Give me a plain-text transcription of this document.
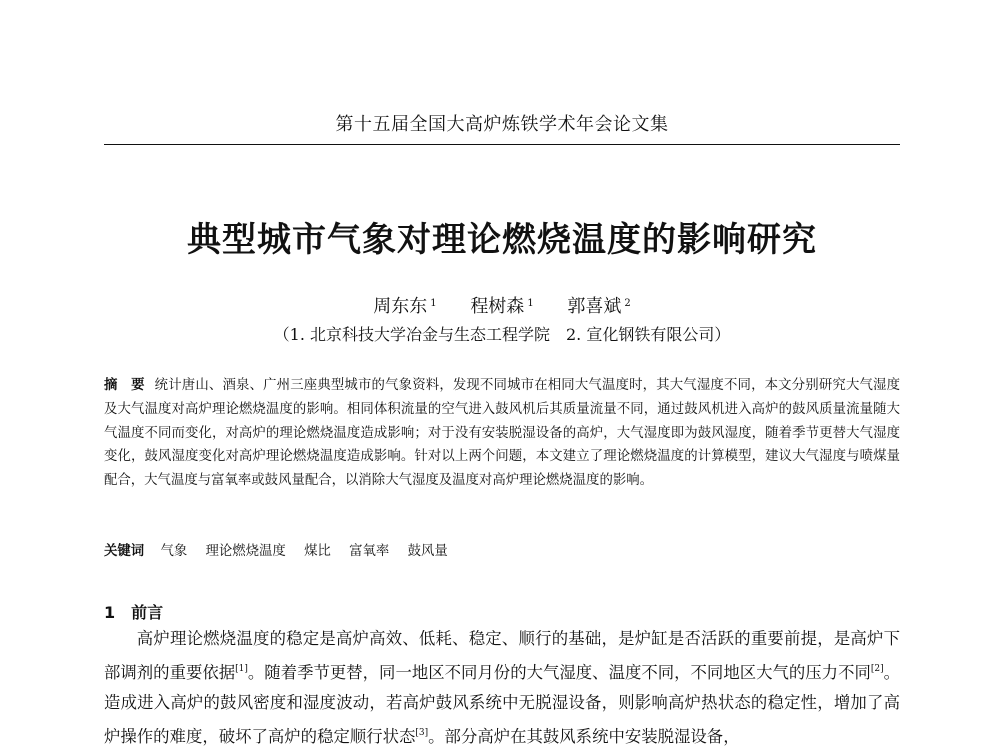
第十五届全国大高炉炼铁学术年会论文集
典型城市气象对理论燃烧温度的影响研究
周东东 $^1$ 程树森 $^1$ 郭喜斌 $^2$
（1. 北京科技大学冶金与生态工程学院　2. 宣化钢铁有限公司）
摘　要 统计唐山、酒泉、广州三座典型城市的气象资料，发现不同城市在相同大气温度时，其大气湿度不同，本文分别研究大气湿度及大气温度对高炉理论燃烧温度的影响。相同体积流量的空气进入鼓风机后其质量流量不同，通过鼓风机进入高炉的鼓风质量流量随大气温度不同而变化，对高炉的理论燃烧温度造成影响；对于没有安装脱湿设备的高炉，大气湿度即为鼓风湿度，随着季节更替大气湿度变化，鼓风湿度变化对高炉理论燃烧温度造成影响。针对以上两个问题，本文建立了理论燃烧温度的计算模型，建议大气湿度与喷煤量配合，大气温度与富氧率或鼓风量配合，以消除大气湿度及温度对高炉理论燃烧温度的影响。
关键词 气象 理论燃烧温度 煤比 富氧率 鼓风量
1 前言
高炉理论燃烧温度的稳定是高炉高效、低耗、稳定、顺行的基础，是炉缸是否活跃的重要前提，是高炉下部调剂的重要依据[1]。随着季节更替，同一地区不同月份的大气湿度、温度不同，不同地区大气的压力不同[2]。造成进入高炉的鼓风密度和湿度波动，若高炉鼓风系统中无脱湿设备，则影响高炉热状态的稳定性，增加了高炉操作的难度，破坏了高炉的稳定顺行状态[3]。部分高炉在其鼓风系统中安装脱湿设备，
